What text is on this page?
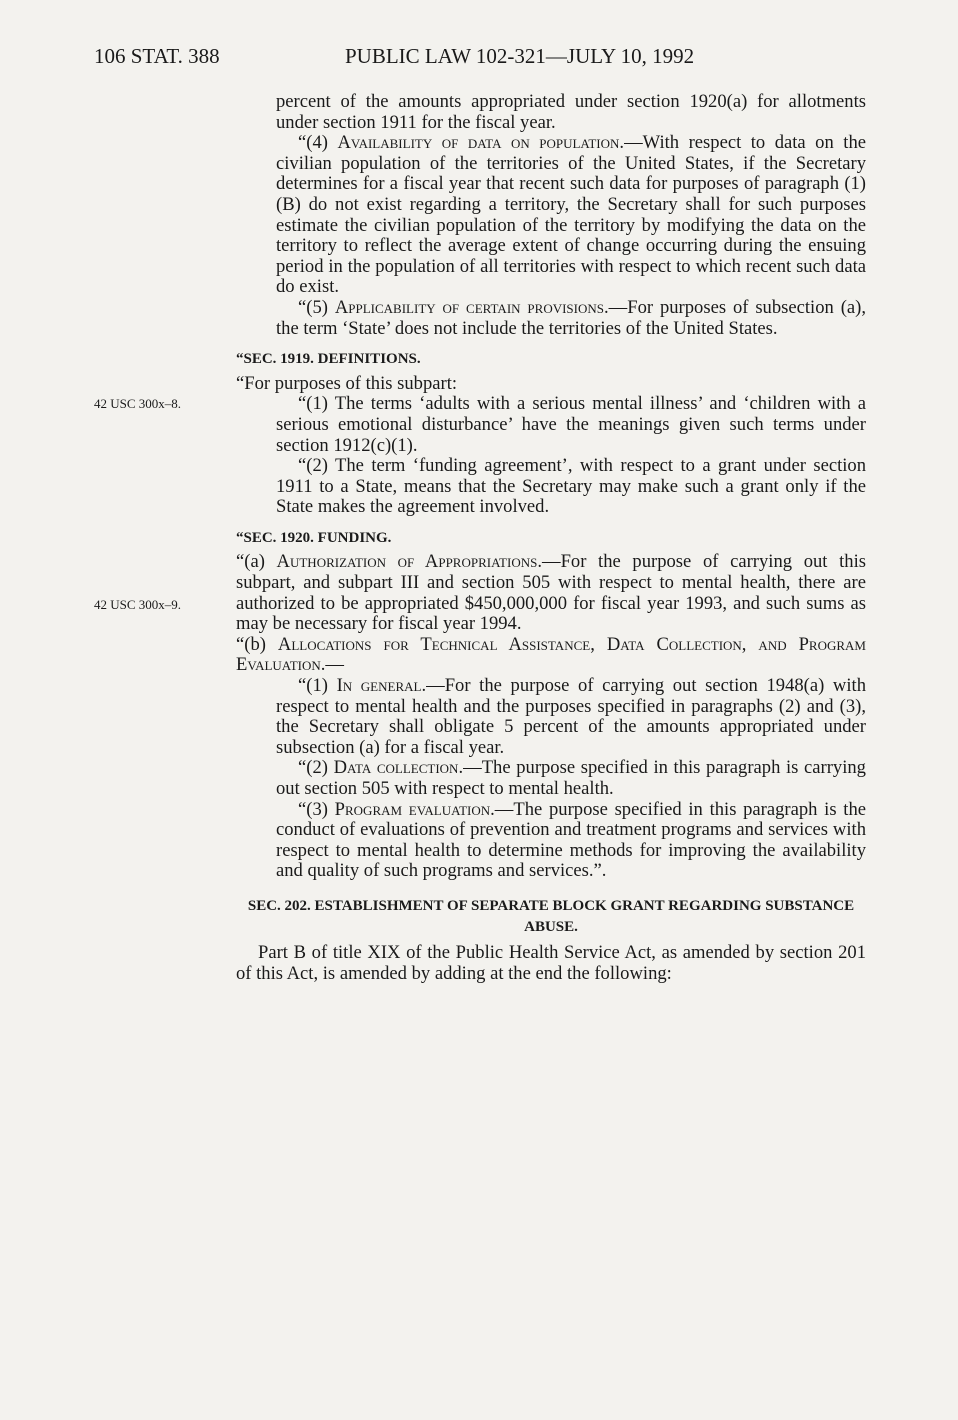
106 STAT. 388	PUBLIC LAW 102-321—JULY 10, 1992
42 USC 300x–8.
42 USC 300x–9.

percent of the amounts appropriated under section 1920(a) for allotments under section 1911 for the fiscal year.

“(4) Availability of data on population.—With respect to data on the civilian population of the territories of the United States, if the Secretary determines for a fiscal year that recent such data for purposes of paragraph (1)(B) do not exist regarding a territory, the Secretary shall for such purposes estimate the civilian population of the territory by modifying the data on the territory to reflect the average extent of change occurring during the ensuing period in the population of all territories with respect to which recent such data do exist.

“(5) Applicability of certain provisions.—For purposes of subsection (a), the term ‘State’ does not include the territories of the United States.

“SEC. 1919. DEFINITIONS.

“For purposes of this subpart:

“(1) The terms ‘adults with a serious mental illness’ and ‘children with a serious emotional disturbance’ have the meanings given such terms under section 1912(c)(1).

“(2) The term ‘funding agreement’, with respect to a grant under section 1911 to a State, means that the Secretary may make such a grant only if the State makes the agreement involved.

“SEC. 1920. FUNDING.

“(a) Authorization of Appropriations.—For the purpose of carrying out this subpart, and subpart III and section 505 with respect to mental health, there are authorized to be appropriated $450,000,000 for fiscal year 1993, and such sums as may be necessary for fiscal year 1994.

“(b) Allocations for Technical Assistance, Data Collection, and Program Evaluation.—

“(1) In general.—For the purpose of carrying out section 1948(a) with respect to mental health and the purposes specified in paragraphs (2) and (3), the Secretary shall obligate 5 percent of the amounts appropriated under subsection (a) for a fiscal year.

“(2) Data collection.—The purpose specified in this paragraph is carrying out section 505 with respect to mental health.

“(3) Program evaluation.—The purpose specified in this paragraph is the conduct of evaluations of prevention and treatment programs and services with respect to mental health to determine methods for improving the availability and quality of such programs and services.”.

SEC. 202. ESTABLISHMENT OF SEPARATE BLOCK GRANT REGARDING SUBSTANCE ABUSE.

Part B of title XIX of the Public Health Service Act, as amended by section 201 of this Act, is amended by adding at the end the following:
